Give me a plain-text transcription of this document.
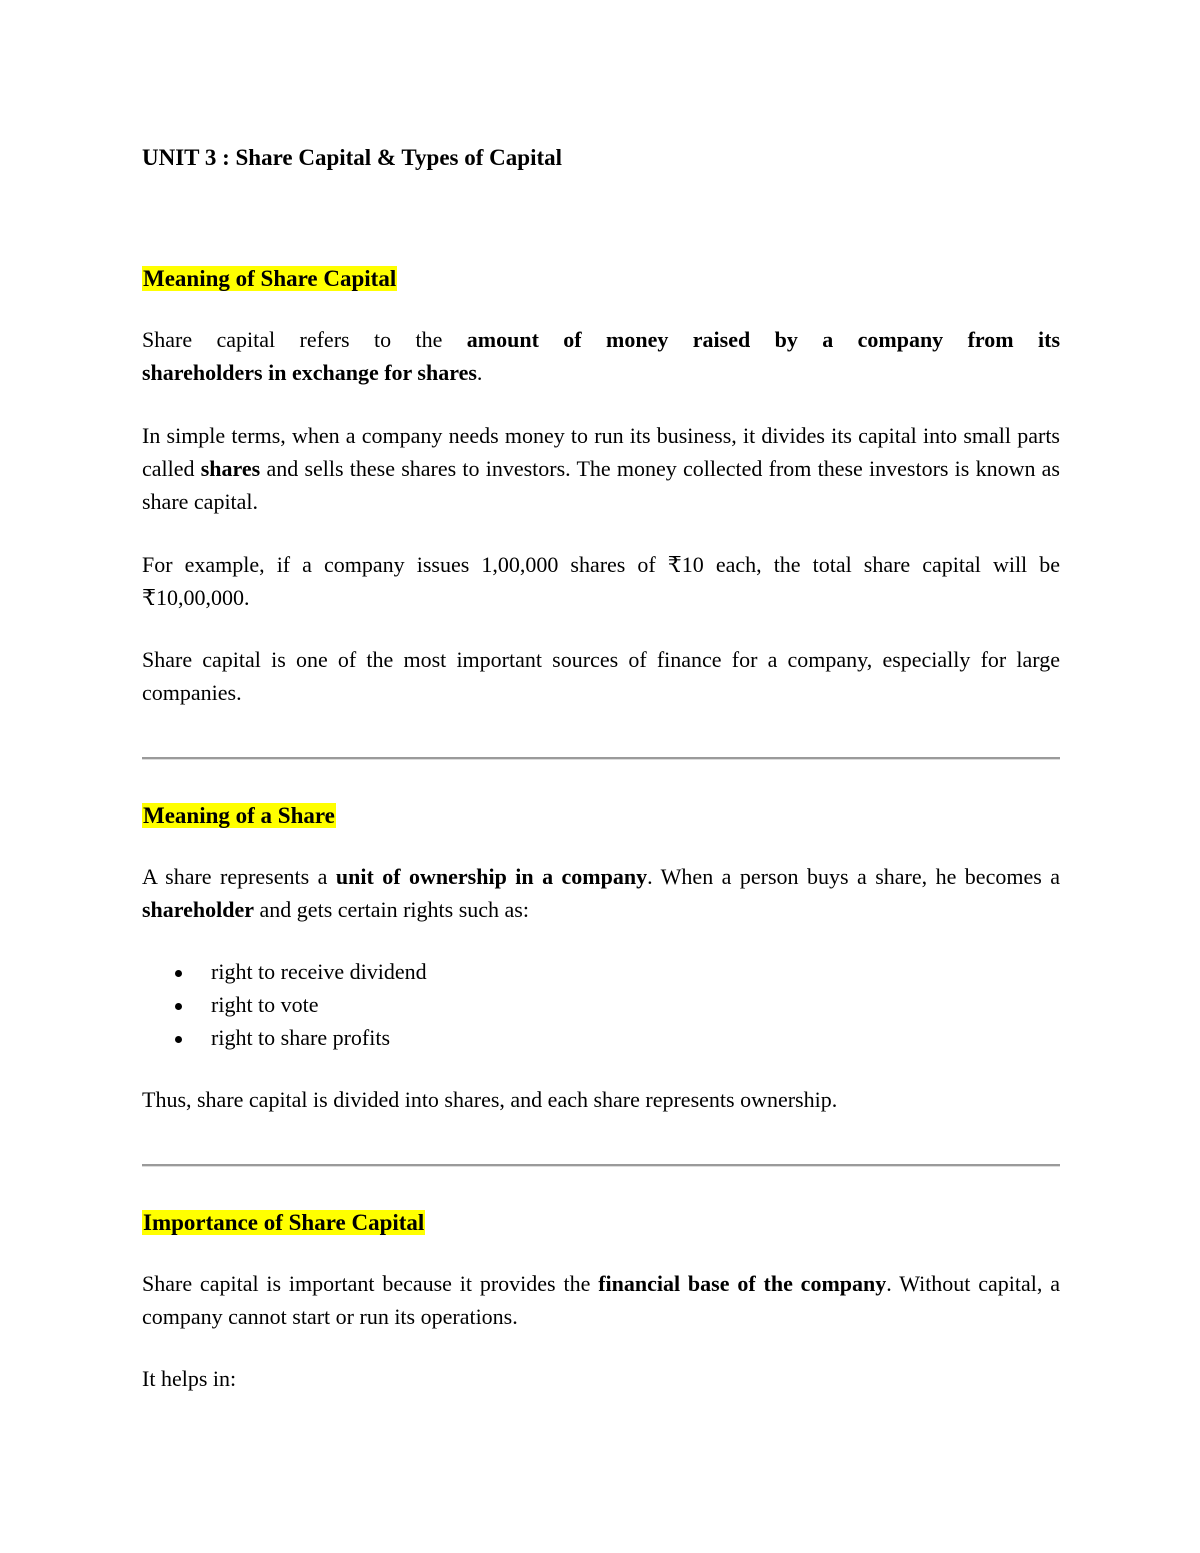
UNIT 3 : Share Capital & Types of Capital
Meaning of Share Capital
Share capital refers to the amount of money raised by a company from its
shareholders in exchange for shares.
In simple terms, when a company needs money to run its business, it divides its capital into small parts called shares and sells these shares to investors. The money collected from these investors is known as share capital.
For example, if a company issues 1,00,000 shares of ₹10 each, the total share capital will be ₹10,00,000.
Share capital is one of the most important sources of finance for a company, especially for large companies.
Meaning of a Share
A share represents a unit of ownership in a company. When a person buys a share, he becomes a shareholder and gets certain rights such as:
right to receive dividend
right to vote
right to share profits
Thus, share capital is divided into shares, and each share represents ownership.
Importance of Share Capital
Share capital is important because it provides the financial base of the company. Without capital, a company cannot start or run its operations.
It helps in:
